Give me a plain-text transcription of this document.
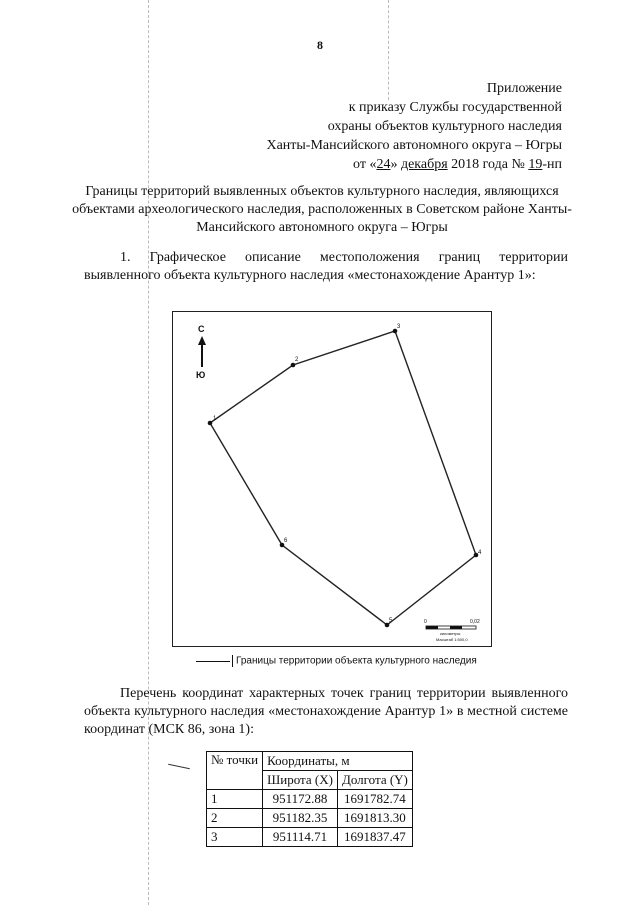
8
Приложение
к приказу Службы государственной
охраны объектов культурного наследия
Ханты-Мансийского автономного округа – Югры
от «24» декабря 2018 года № 19-нп
Границы территорий выявленных объектов культурного наследия, являющихся объектами археологического наследия, расположенных в Советском районе Ханты-Мансийского автономного округа – Югры
1. Графическое описание местоположения границ территории выявленного объекта культурного наследия «местонахождение Арантур 1»:
1
2
3
4
5
6
С
Ю
0	0,02
километры
Масштаб 1:500,0
Границы территории объекта культурного наследия
Перечень координат характерных точек границ территории выявленного объекта культурного наследия «местонахождение Арантур 1» в местной системе координат (МСК 86, зона 1):
№ точки	Координаты, м	
	Широта (X)	Долгота (Y)
1	951172.88	1691782.74
2	951182.35	1691813.30
3	951114.71	1691837.47
